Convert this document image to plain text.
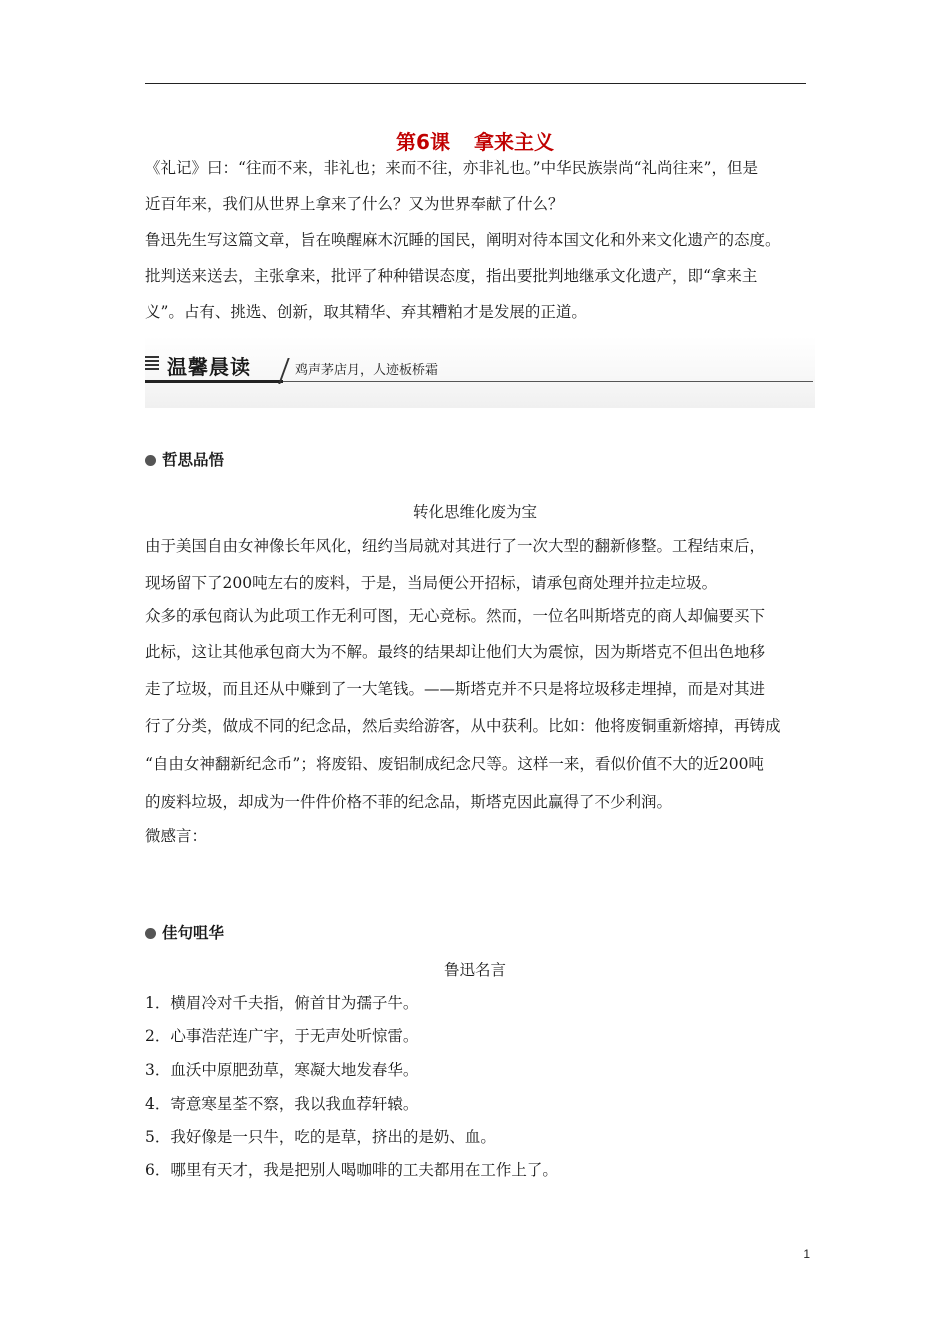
第6课 拿来主义

《礼记》曰：“往而不来，非礼也；来而不往，亦非礼也。”中华民族崇尚“礼尚往来”，但是

近百年来，我们从世界上拿来了什么？又为世界奉献了什么？

鲁迅先生写这篇文章，旨在唤醒麻木沉睡的国民，阐明对待本国文化和外来文化遗产的态度。

批判送来送去，主张拿来，批评了种种错误态度，指出要批判地继承文化遗产，即“拿来主

义”。占有、挑选、创新，取其精华、弃其糟粕才是发展的正道。

温馨晨读	鸡声茅店月，人迹板桥霜
哲思品悟

转化思维化废为宝

由于美国自由女神像长年风化，纽约当局就对其进行了一次大型的翻新修整。工程结束后，

现场留下了200吨左右的废料，于是，当局便公开招标，请承包商处理并拉走垃圾。

众多的承包商认为此项工作无利可图，无心竞标。然而，一位名叫斯塔克的商人却偏要买下

此标，这让其他承包商大为不解。最终的结果却让他们大为震惊，因为斯塔克不但出色地移

走了垃圾，而且还从中赚到了一大笔钱。——斯塔克并不只是将垃圾移走埋掉，而是对其进

行了分类，做成不同的纪念品，然后卖给游客，从中获利。比如：他将废铜重新熔掉，再铸成

“自由女神翻新纪念币”；将废铅、废铝制成纪念尺等。这样一来，看似价值不大的近200吨

的废料垃圾，却成为一件件价格不菲的纪念品，斯塔克因此赢得了不少利润。

微感言：

佳句咀华

鲁迅名言

1．横眉冷对千夫指，俯首甘为孺子牛。

2．心事浩茫连广宇，于无声处听惊雷。

3．血沃中原肥劲草，寒凝大地发春华。

4．寄意寒星荃不察，我以我血荐轩辕。

5．我好像是一只牛，吃的是草，挤出的是奶、血。

6．哪里有天才，我是把别人喝咖啡的工夫都用在工作上了。

1
